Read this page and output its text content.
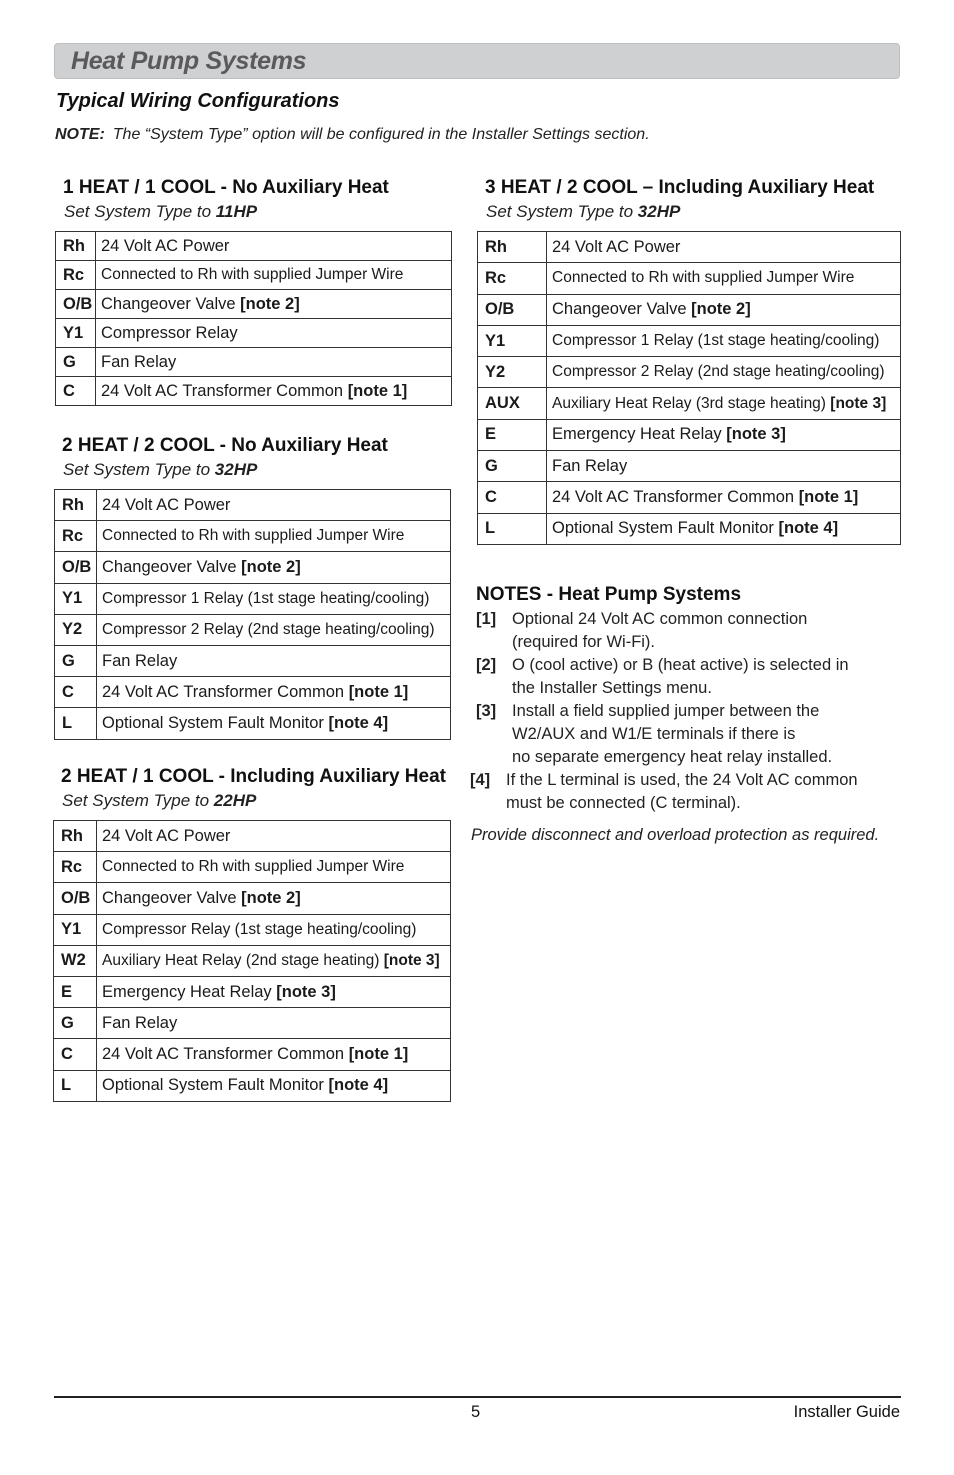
Heat Pump Systems
Typical Wiring Configurations
NOTE: The “System Type” option will be configured in the Installer Settings section.
1 HEAT / 1 COOL - No Auxiliary Heat
Set System Type to 11HP
Rh	24 Volt AC Power
Rc	Connected to Rh with supplied Jumper Wire
O/B	Changeover Valve [note 2]
Y1	Compressor Relay
G	Fan Relay
C	24 Volt AC Transformer Common [note 1]
2 HEAT / 2 COOL - No Auxiliary Heat
Set System Type to 32HP
Rh	24 Volt AC Power
Rc	Connected to Rh with supplied Jumper Wire
O/B	Changeover Valve [note 2]
Y1	Compressor 1 Relay (1st stage heating/cooling)
Y2	Compressor 2 Relay (2nd stage heating/cooling)
G	Fan Relay
C	24 Volt AC Transformer Common [note 1]
L	Optional System Fault Monitor [note 4]
2 HEAT / 1 COOL - Including Auxiliary Heat
Set System Type to 22HP
Rh	24 Volt AC Power
Rc	Connected to Rh with supplied Jumper Wire
O/B	Changeover Valve [note 2]
Y1	Compressor Relay (1st stage heating/cooling)
W2	Auxiliary Heat Relay (2nd stage heating) [note 3]
E	Emergency Heat Relay [note 3]
G	Fan Relay
C	24 Volt AC Transformer Common [note 1]
L	Optional System Fault Monitor [note 4]
3 HEAT / 2 COOL – Including Auxiliary Heat
Set System Type to 32HP
Rh	24 Volt AC Power
Rc	Connected to Rh with supplied Jumper Wire
O/B	Changeover Valve [note 2]
Y1	Compressor 1 Relay (1st stage heating/cooling)
Y2	Compressor 2 Relay (2nd stage heating/cooling)
AUX	Auxiliary Heat Relay (3rd stage heating) [note 3]
E	Emergency Heat Relay [note 3]
G	Fan Relay
C	24 Volt AC Transformer Common [note 1]
L	Optional System Fault Monitor [note 4]
NOTES - Heat Pump Systems
[1] Optional 24 Volt AC common connection
(required for Wi-Fi).
[2] O (cool active) or B (heat active) is selected in
the Installer Settings menu.
[3] Install a field supplied jumper between the
W2/AUX and W1/E terminals if there is
no separate emergency heat relay installed.
[4] If the L terminal is used, the 24 Volt AC common
must be connected (C terminal).
Provide disconnect and overload protection as required.
5	Installer Guide
